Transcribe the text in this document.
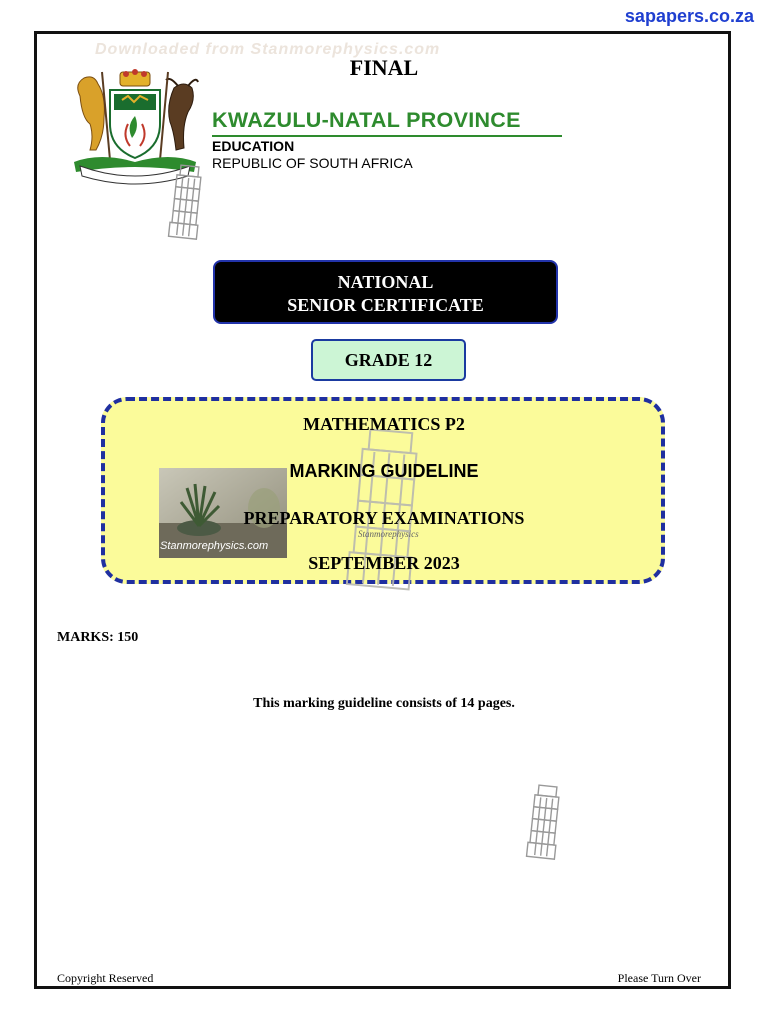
sapapers.co.za
Downloaded from Stanmorephysics.com
FINAL
KWAZULU-NATAL PROVINCE
EDUCATION
REPUBLIC OF SOUTH AFRICA
NATIONAL
SENIOR CERTIFICATE
GRADE 12
Stanmorephysics.com
Stanmorephysics
MATHEMATICS P2
MARKING GUIDELINE
PREPARATORY EXAMINATIONS
SEPTEMBER 2023
MARKS: 150
This marking guideline consists of 14 pages.
Copyright Reserved	Please Turn Over
